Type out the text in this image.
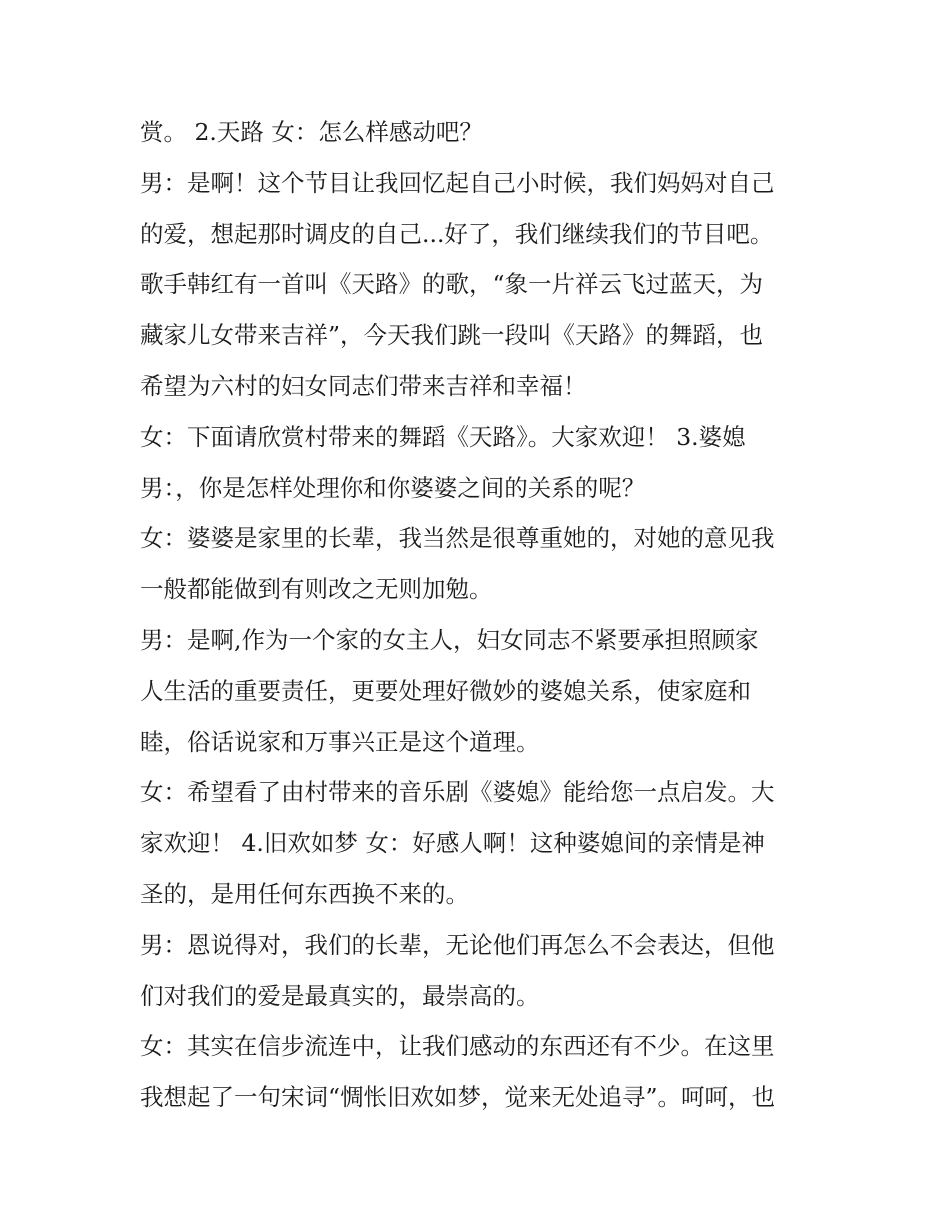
赏。 2.天路 女：怎么样感动吧？
男：是啊！这个节目让我回忆起自己小时候，我们妈妈对自己
的爱，想起那时调皮的自己...好了，我们继续我们的节目吧。
歌手韩红有一首叫《天路》的歌，“象一片祥云飞过蓝天，为
藏家儿女带来吉祥”，今天我们跳一段叫《天路》的舞蹈，也
希望为六村的妇女同志们带来吉祥和幸福！
女：下面请欣赏村带来的舞蹈《天路》。大家欢迎！ 3.婆媳
男：，你是怎样处理你和你婆婆之间的关系的呢？
女：婆婆是家里的长辈，我当然是很尊重她的，对她的意见我
一般都能做到有则改之无则加勉。
男：是啊,作为一个家的女主人，妇女同志不紧要承担照顾家
人生活的重要责任，更要处理好微妙的婆媳关系，使家庭和
睦，俗话说家和万事兴正是这个道理。
女：希望看了由村带来的音乐剧《婆媳》能给您一点启发。大
家欢迎！ 4.旧欢如梦 女：好感人啊！这种婆媳间的亲情是神
圣的，是用任何东西换不来的。
男：恩说得对，我们的长辈，无论他们再怎么不会表达，但他
们对我们的爱是最真实的，最崇高的。
女：其实在信步流连中，让我们感动的东西还有不少。在这里
我想起了一句宋词“惆怅旧欢如梦，觉来无处追寻”。呵呵，也
